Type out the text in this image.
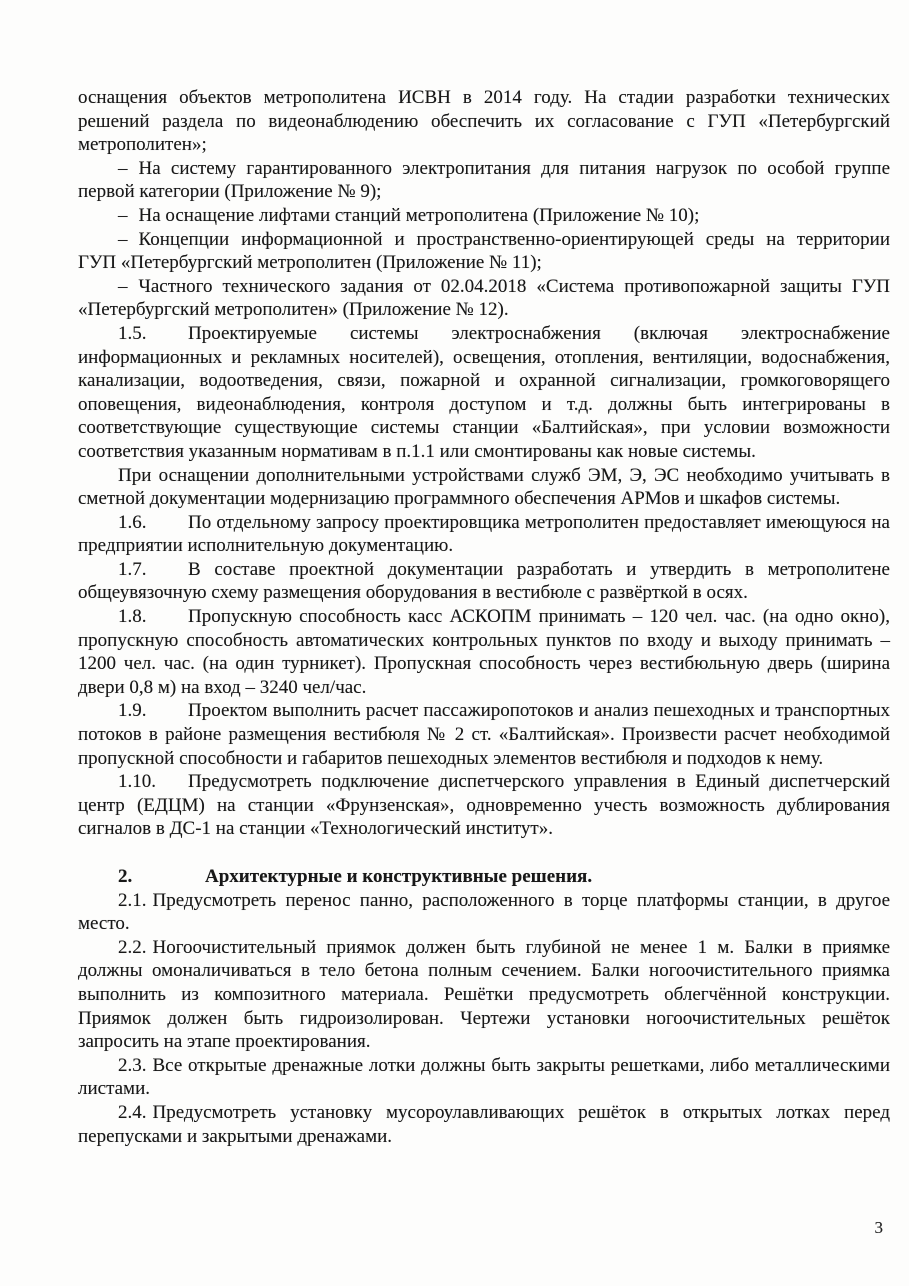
оснащения объектов метрополитена ИСВН в 2014 году. На стадии разработки технических решений раздела по видеонаблюдению обеспечить их согласование с ГУП «Петербургский метрополитен»;

– На систему гарантированного электропитания для питания нагрузок по особой группе первой категории (Приложение № 9);

– На оснащение лифтами станций метрополитена (Приложение № 10);

– Концепции информационной и пространственно-ориентирующей среды на территории ГУП «Петербургский метрополитен (Приложение № 11);

– Частного технического задания от 02.04.2018 «Система противопожарной защиты ГУП «Петербургский метрополитен» (Приложение № 12).

1.5. Проектируемые системы электроснабжения (включая электроснабжение информационных и рекламных носителей), освещения, отопления, вентиляции, водоснабжения, канализации, водоотведения, связи, пожарной и охранной сигнализации, громкоговорящего оповещения, видеонаблюдения, контроля доступом и т.д. должны быть интегрированы в соответствующие существующие системы станции «Балтийская», при условии возможности соответствия указанным нормативам в п.1.1 или смонтированы как новые системы.

При оснащении дополнительными устройствами служб ЭМ, Э, ЭС необходимо учитывать в сметной документации модернизацию программного обеспечения АРМов и шкафов системы.

1.6. По отдельному запросу проектировщика метрополитен предоставляет имеющуюся на предприятии исполнительную документацию.

1.7. В составе проектной документации разработать и утвердить в метрополитене общеувязочную схему размещения оборудования в вестибюле с развёрткой в осях.

1.8. Пропускную способность касс АСКОПМ принимать – 120 чел. час. (на одно окно), пропускную способность автоматических контрольных пунктов по входу и выходу принимать – 1200 чел. час. (на один турникет). Пропускная способность через вестибюльную дверь (ширина двери 0,8 м) на вход – 3240 чел/час.

1.9. Проектом выполнить расчет пассажиропотоков и анализ пешеходных и транспортных потоков в районе размещения вестибюля № 2 ст. «Балтийская». Произвести расчет необходимой пропускной способности и габаритов пешеходных элементов вестибюля и подходов к нему.

1.10. Предусмотреть подключение диспетчерского управления в Единый диспетчерский центр (ЕДЦМ) на станции «Фрунзенская», одновременно учесть возможность дублирования сигналов в ДС-1 на станции «Технологический институт».

2.	Архитектурные и конструктивные решения.

2.1. Предусмотреть перенос панно, расположенного в торце платформы станции, в другое место.

2.2. Ногоочистительный приямок должен быть глубиной не менее 1 м. Балки в приямке должны омоналичиваться в тело бетона полным сечением. Балки ногоочистительного приямка выполнить из композитного материала. Решётки предусмотреть облегчённой конструкции. Приямок должен быть гидроизолирован. Чертежи установки ногоочистительных решёток запросить на этапе проектирования.

2.3. Все открытые дренажные лотки должны быть закрыты решетками, либо металлическими листами.

2.4. Предусмотреть установку мусороулавливающих решёток в открытых лотках перед перепусками и закрытыми дренажами.

3
